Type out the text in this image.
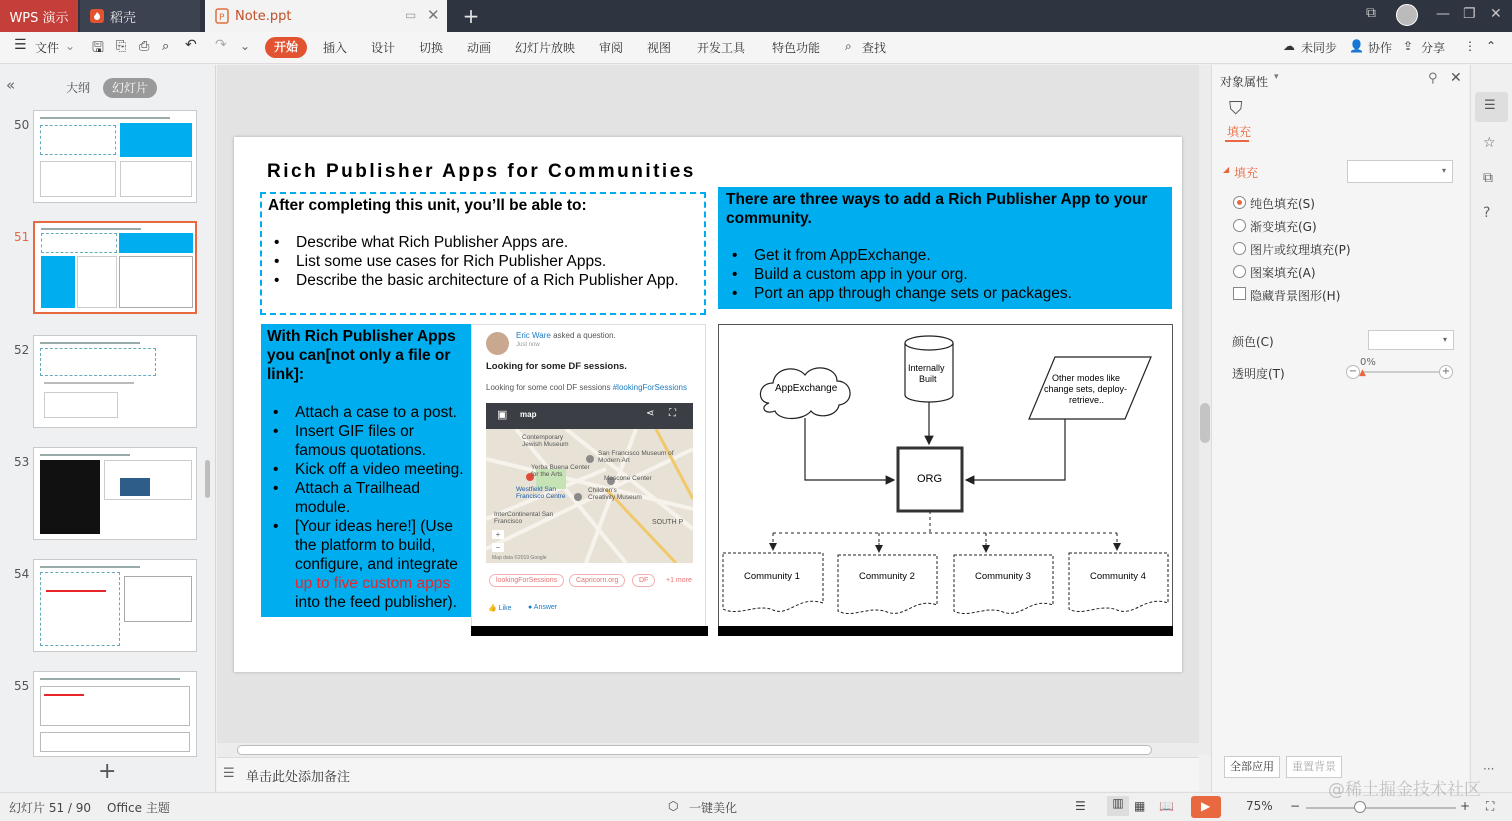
WPS 演示	稻壳	P Note.ppt	▭ ✕ +	⧉	— ❐ ✕
☰ 文件 ⌄ 🖫 ⎘ ⎙ ⌕ ↶ ↷ ⌄	开始	插入 设计 切换 动画 幻灯片放映 审阅 视图 开发工具 特色功能 ⌕ 查找	☁ 未同步 👤 协作 ⇪ 分享 ⋮ ⌃
«	大纲	幻灯片
50
51
52
53
54
55
+
Rich Publisher Apps for Communities
After completing this unit, you’ll be able to:
• Describe what Rich Publisher Apps are.
• List some use cases for Rich Publisher Apps.
• Describe the basic architecture of a Rich Publisher App.
There are three ways to add a Rich Publisher App to your community.
• Get it from AppExchange.
• Build a custom app in your org.
• Port an app through change sets or packages.
With Rich Publisher Apps you can[not only a file or link]:
• Attach a case to a post.
• Insert GIF files or famous quotations.
• Kick off a video meeting.
• Attach a Trailhead module.
• [Your ideas here!] (Use the platform to build, configure, and integrate up to five custom apps into the feed publisher).
Eric Ware asked a question.
Just now
Looking for some DF sessions.
Looking for some cool DF sessions #lookingForSessions
▣ map	⋖ ⛶
Contemporary Jewish Museum
San Francisco Museum of Modern Art
Yerba Buena Center for the Arts
Moscone Center
Westfield San Francisco Centre
Children's Creativity Museum
InterContinental San Francisco	SOUTH P
+
−
Map data ©2019 Google
lookingForSessions	Capricorn.org	DF	+1 more
👍 Like ● Answer
AppExchange
Internally
Built	Other modes like
change sets, deploy-
retrieve..
ORG
Community 1	Community 2	Community 3	Community 4
☰ 单击此处添加备注
对象属性 ▾	⚲ ✕
⛉
填充
◢ 填充	▾
纯色填充(S)
渐变填充(G)
图片或纹理填充(P)
图案填充(A)
隐藏背景图形(H)
颜色(C)	▾
透明度(T)
0%
− ▲	+
全部应用	重置背景
☰
☆
⧉
?
···
幻灯片 51 / 90 Office 主题	⬡ 一键美化	☰	▥ ▦ 📖 ▶	75% −	+ ⛶
@稀土掘金技术社区
